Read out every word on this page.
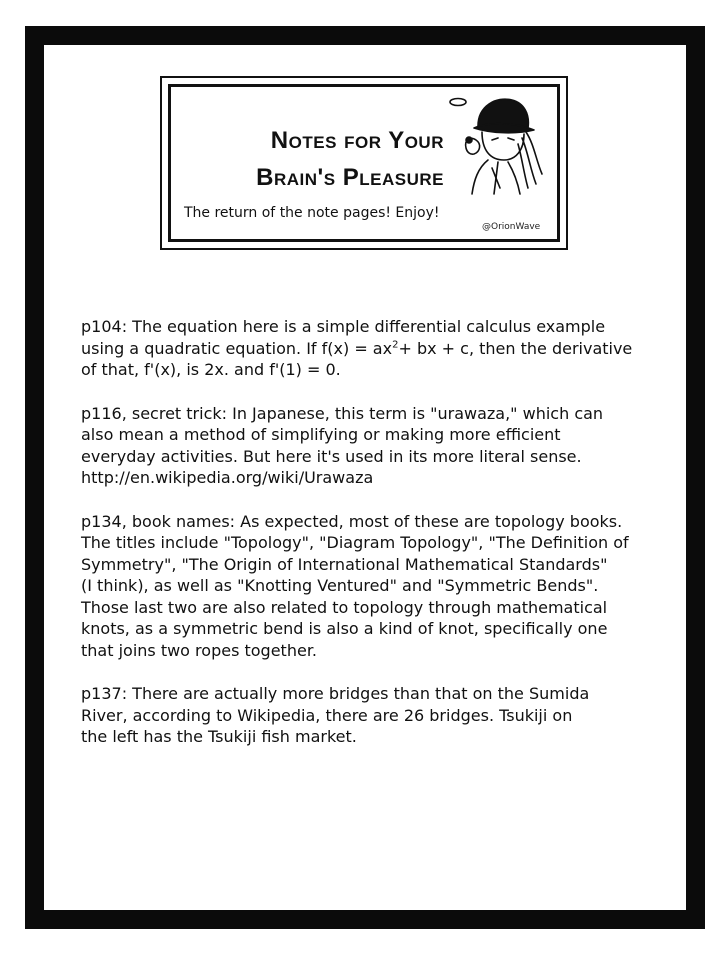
Notes for Your
Brain's Pleasure
The return of the note pages! Enjoy!
@OrionWave

p104: The equation here is a simple differential calculus example
using a quadratic equation. If $f(x) = ax^2+$ bx + c, then the derivative
of that, f'(x), is 2x. and f'(1) = 0.

p116, secret trick: In Japanese, this term is "urawaza," which can
also mean a method of simplifying or making more efficient
everyday activities. But here it's used in its more literal sense.
http://en.wikipedia.org/wiki/Urawaza

p134, book names: As expected, most of these are topology books.
The titles include "Topology", "Diagram Topology", "The Definition of
Symmetry", "The Origin of International Mathematical Standards"
(I think), as well as "Knotting Ventured" and "Symmetric Bends".
Those last two are also related to topology through mathematical
knots, as a symmetric bend is also a kind of knot, specifically one
that joins two ropes together.

p137: There are actually more bridges than that on the Sumida
River, according to Wikipedia, there are 26 bridges. Tsukiji on
the left has the Tsukiji fish market.
